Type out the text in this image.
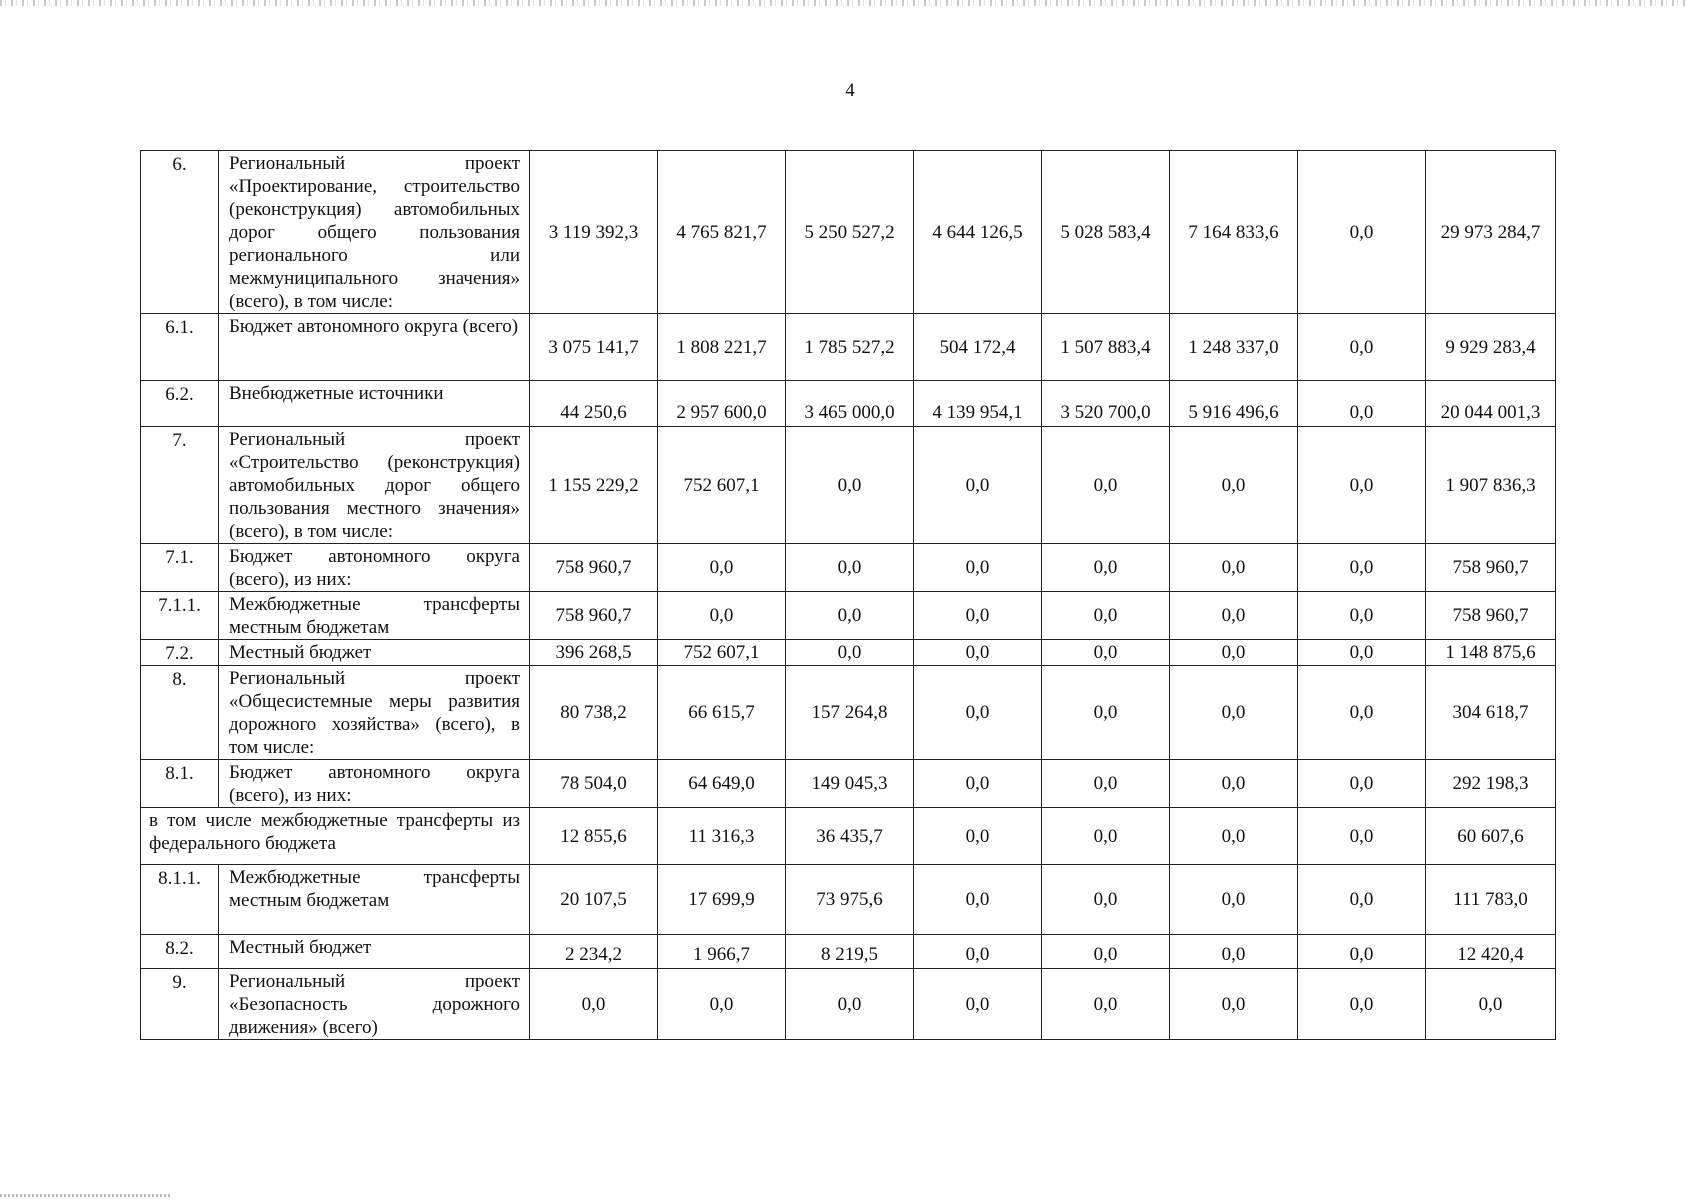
4
6.	Региональный проект «Проектирование, строительство (реконструкция) автомобильных дорог общего пользования регионального или межмуниципального значения» (всего), в том числе:	3 119 392,3	4 765 821,7	5 250 527,2	4 644 126,5	5 028 583,4	7 164 833,6	0,0	29 973 284,7
6.1.	Бюджет автономного округа (всего)	3 075 141,7	1 808 221,7	1 785 527,2	504 172,4	1 507 883,4	1 248 337,0	0,0	9 929 283,4
6.2.	Внебюджетные источники	44 250,6	2 957 600,0	3 465 000,0	4 139 954,1	3 520 700,0	5 916 496,6	0,0	20 044 001,3
7.	Региональный проект «Строительство (реконструкция) автомобильных дорог общего пользования местного значения» (всего), в том числе:	1 155 229,2	752 607,1	0,0	0,0	0,0	0,0	0,0	1 907 836,3
7.1.	Бюджет автономного округа (всего), из них:	758 960,7	0,0	0,0	0,0	0,0	0,0	0,0	758 960,7
7.1.1.	Межбюджетные трансферты местным бюджетам	758 960,7	0,0	0,0	0,0	0,0	0,0	0,0	758 960,7
7.2.	Местный бюджет	396 268,5	752 607,1	0,0	0,0	0,0	0,0	0,0	1 148 875,6
8.	Региональный проект «Общесистемные меры развития дорожного хозяйства» (всего), в том числе:	80 738,2	66 615,7	157 264,8	0,0	0,0	0,0	0,0	304 618,7
8.1.	Бюджет автономного округа (всего), из них:	78 504,0	64 649,0	149 045,3	0,0	0,0	0,0	0,0	292 198,3
в том числе межбюджетные трансферты из федерального бюджета		12 855,6	11 316,3	36 435,7	0,0	0,0	0,0	0,0	60 607,6
8.1.1.	Межбюджетные трансферты местным бюджетам	20 107,5	17 699,9	73 975,6	0,0	0,0	0,0	0,0	111 783,0
8.2.	Местный бюджет	2 234,2	1 966,7	8 219,5	0,0	0,0	0,0	0,0	12 420,4
9.	Региональный проект «Безопасность дорожного движения» (всего)	0,0	0,0	0,0	0,0	0,0	0,0	0,0	0,0
